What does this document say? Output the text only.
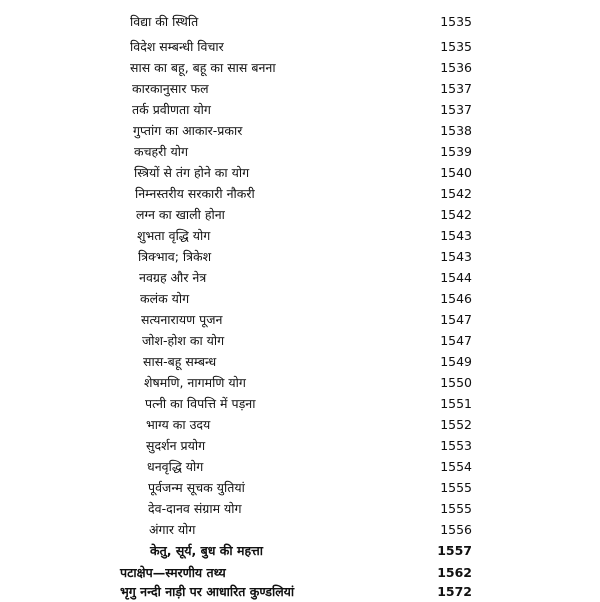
विद्या की स्थिति	1535
विदेश सम्बन्धी विचार	1535
सास का बहू, बहू का सास बनना	1536
कारकानुसार फल	1537
तर्क प्रवीणता योग	1537
गुप्तांग का आकार-प्रकार	1538
कचहरी योग	1539
स्त्रियों से तंग होने का योग	1540
निम्नस्तरीय सरकारी नौकरी	1542
लग्न का खाली होना	1542
शुभता वृद्धि योग	1543
त्रिक्भाव; त्रिकेश	1543
नवग्रह और नेत्र	1544
कलंक योग	1546
सत्यनारायण पूजन	1547
जोश-होश का योग	1547
सास-बहू सम्बन्ध	1549
शेषमणि, नागमणि योग	1550
पत्नी का विपत्ति में पड़ना	1551
भाग्य का उदय	1552
सुदर्शन प्रयोग	1553
धनवृद्धि योग	1554
पूर्वजन्म सूचक युतियां	1555
देव-दानव संग्राम योग	1555
अंगार योग	1556
केतु, सूर्य, बुध की महत्ता	1557
पटाक्षेप—स्मरणीय तथ्य	1562
भृगु नन्दी नाड़ी पर आधारित कुण्डलियां	1572
